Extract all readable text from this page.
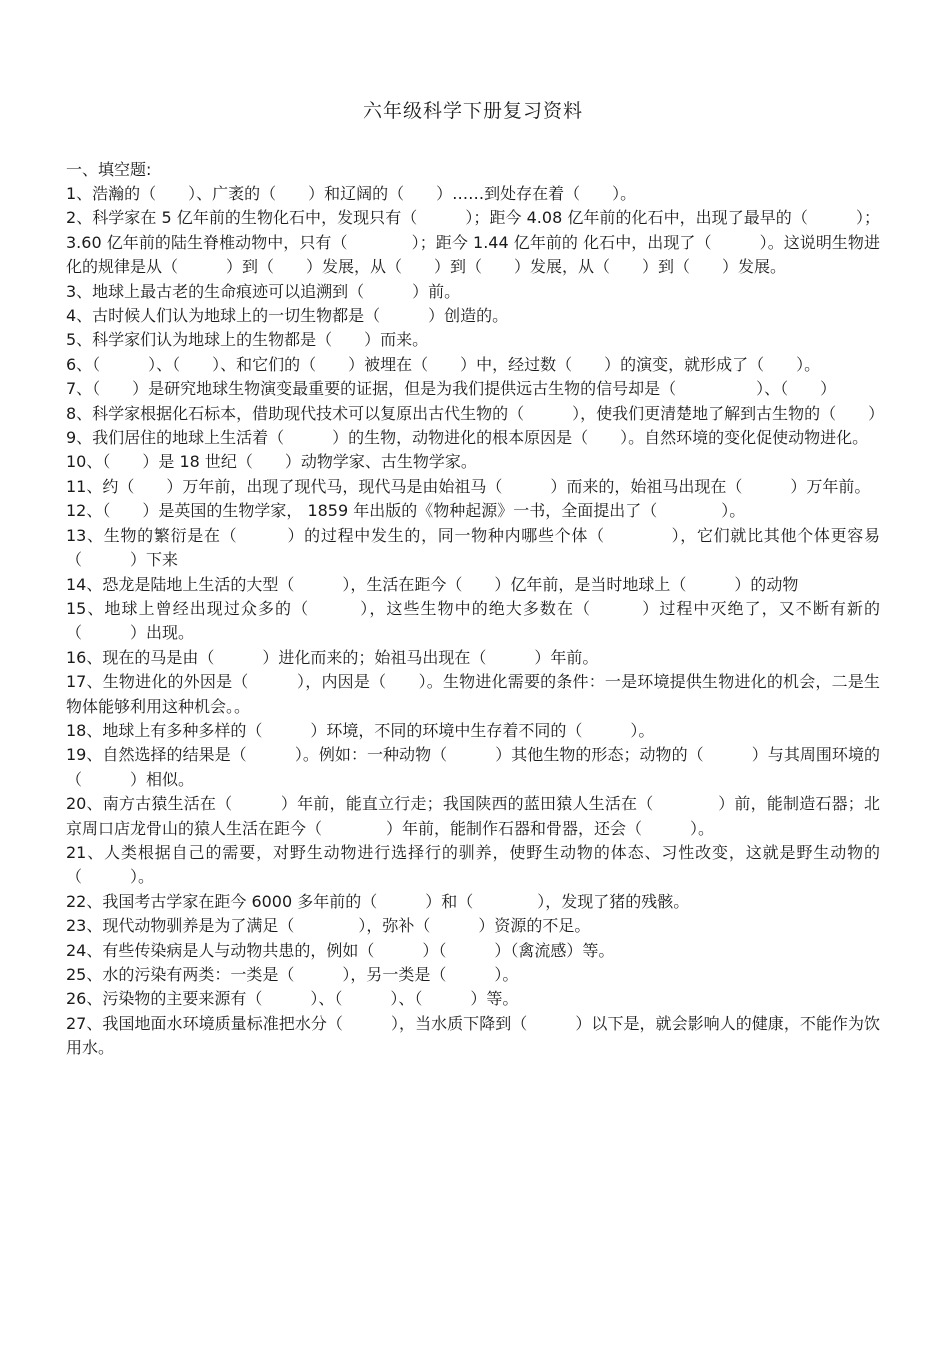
六年级科学下册复习资料

一、填空题:

1、浩瀚的（　　）、广袤的（　　）和辽阔的（　　）……到处存在着（　　）。

2、科学家在 5 亿年前的生物化石中，发现只有（　　　）；距今 4.08 亿年前的化石中，出现了最早的（　　　）；3.60 亿年前的陆生脊椎动物中，只有（　　　　）；距今 1.44 亿年前的 化石中，出现了（　　　）。这说明生物进化的规律是从（　　　）到（　　）发展，从（　　）到（　　）发展，从（　　）到（　　）发展。

3、地球上最古老的生命痕迹可以追溯到（　　　）前。

4、古时候人们认为地球上的一切生物都是（　　　）创造的。

5、科学家们认为地球上的生物都是（　　）而来。

6、（　　　）、（　　）、和它们的（　　）被埋在（　　）中，经过数（　　）的演变，就形成了（　　）。

7、（　　）是研究地球生物演变最重要的证据，但是为我们提供远古生物的信号却是（　　　　　）、（　　）

8、科学家根据化石标本，借助现代技术可以复原出古代生物的（　　　），使我们更清楚地了解到古生物的（　　）

9、我们居住的地球上生活着（　　　）的生物，动物进化的根本原因是（　　）。自然环境的变化促使动物进化。

10、（　　）是 18 世纪（　　）动物学家、古生物学家。

11、约（　　）万年前，出现了现代马，现代马是由始祖马（　　　）而来的，始祖马出现在（　　　）万年前。

12、（　　）是英国的生物学家， 1859 年出版的《物种起源》一书，全面提出了（　　　　）。

13、生物的繁衍是在（　　　）的过程中发生的，同一物种内哪些个体（　　　　），它们就比其他个体更容易（　　　）下来

14、恐龙是陆地上生活的大型（　　　），生活在距今（　　）亿年前，是当时地球上（　　　）的动物

15、地球上曾经出现过众多的（　　　），这些生物中的绝大多数在（　　　）过程中灭绝了，又不断有新的（　　　）出现。

16、现在的马是由（　　　）进化而来的；始祖马出现在（　　　）年前。

17、生物进化的外因是（　　　），内因是（　　）。生物进化需要的条件：一是环境提供生物进化的机会，二是生物体能够利用这种机会。。

18、地球上有多种多样的（　　　）环境，不同的环境中生存着不同的（　　　）。

19、自然选择的结果是（　　　）。例如：一种动物（　　　）其他生物的形态；动物的（　　　）与其周围环境的（　　　）相似。

20、南方古猿生活在（　　　）年前，能直立行走；我国陕西的蓝田猿人生活在（　　　　）前，能制造石器；北京周口店龙骨山的猿人生活在距今（　　　　）年前，能制作石器和骨器，还会（　　　）。

21、人类根据自己的需要，对野生动物进行选择行的驯养，使野生动物的体态、习性改变，这就是野生动物的（　　　）。

22、我国考古学家在距今 6000 多年前的（　　　）和（　　　　），发现了猪的残骸。

23、现代动物驯养是为了满足（　　　　），弥补（　　　）资源的不足。

24、有些传染病是人与动物共患的，例如（　　　）（　　　）（禽流感）等。

25、水的污染有两类：一类是（　　　），另一类是（　　　）。

26、污染物的主要来源有（　　　）、（　　　）、（　　　）等。

27、我国地面水环境质量标准把水分（　　　），当水质下降到（　　　）以下是，就会影响人的健康，不能作为饮用水。
